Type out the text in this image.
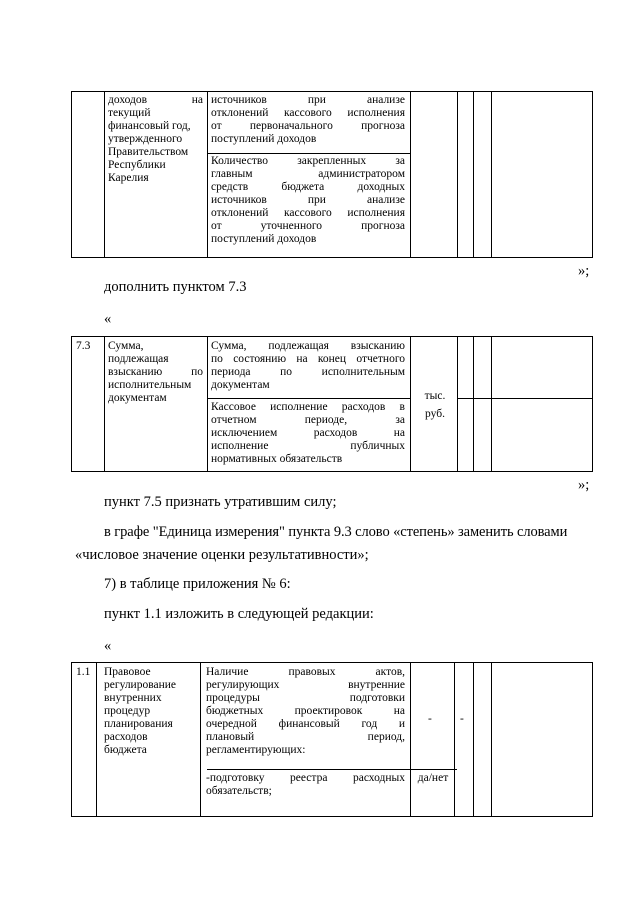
доходов на
текущий
финансовый год,
утвержденного
Правительством
Республики
Карелия
источников при анализе
отклонений кассового исполнения
от первоначального прогноза
поступлений доходов
Количество закрепленных за
главным администратором
средств бюджета доходных
источников при анализе
отклонений кассового исполнения
от уточненного прогноза
поступлений доходов
»;
дополнить пунктом 7.3
«
7.3 Сумма,
подлежащая
взысканию по
исполнительным
документам
Сумма, подлежащая взысканию
по состоянию на конец отчетного
периода по исполнительным
документам
Кассовое исполнение расходов в
отчетном периоде, за
исключением расходов на
исполнение публичных
нормативных обязательств
тыс.
руб.
»;
пункт 7.5 признать утратившим силу;
в графе "Единица измерения" пункта 9.3 слово «степень» заменить словами
«числовое значение оценки результативности»;
7) в таблице приложения № 6:
пункт 1.1 изложить в следующей редакции:
«
1.1 Правовое
регулирование
внутренних
процедур
планирования
расходов
бюджета
Наличие правовых актов,
регулирующих внутренние
процедуры подготовки
бюджетных проектировок на
очередной финансовый год и
плановый период,
регламентирующих:
- -
-подготовку реестра расходных
обязательств;
да/нет
